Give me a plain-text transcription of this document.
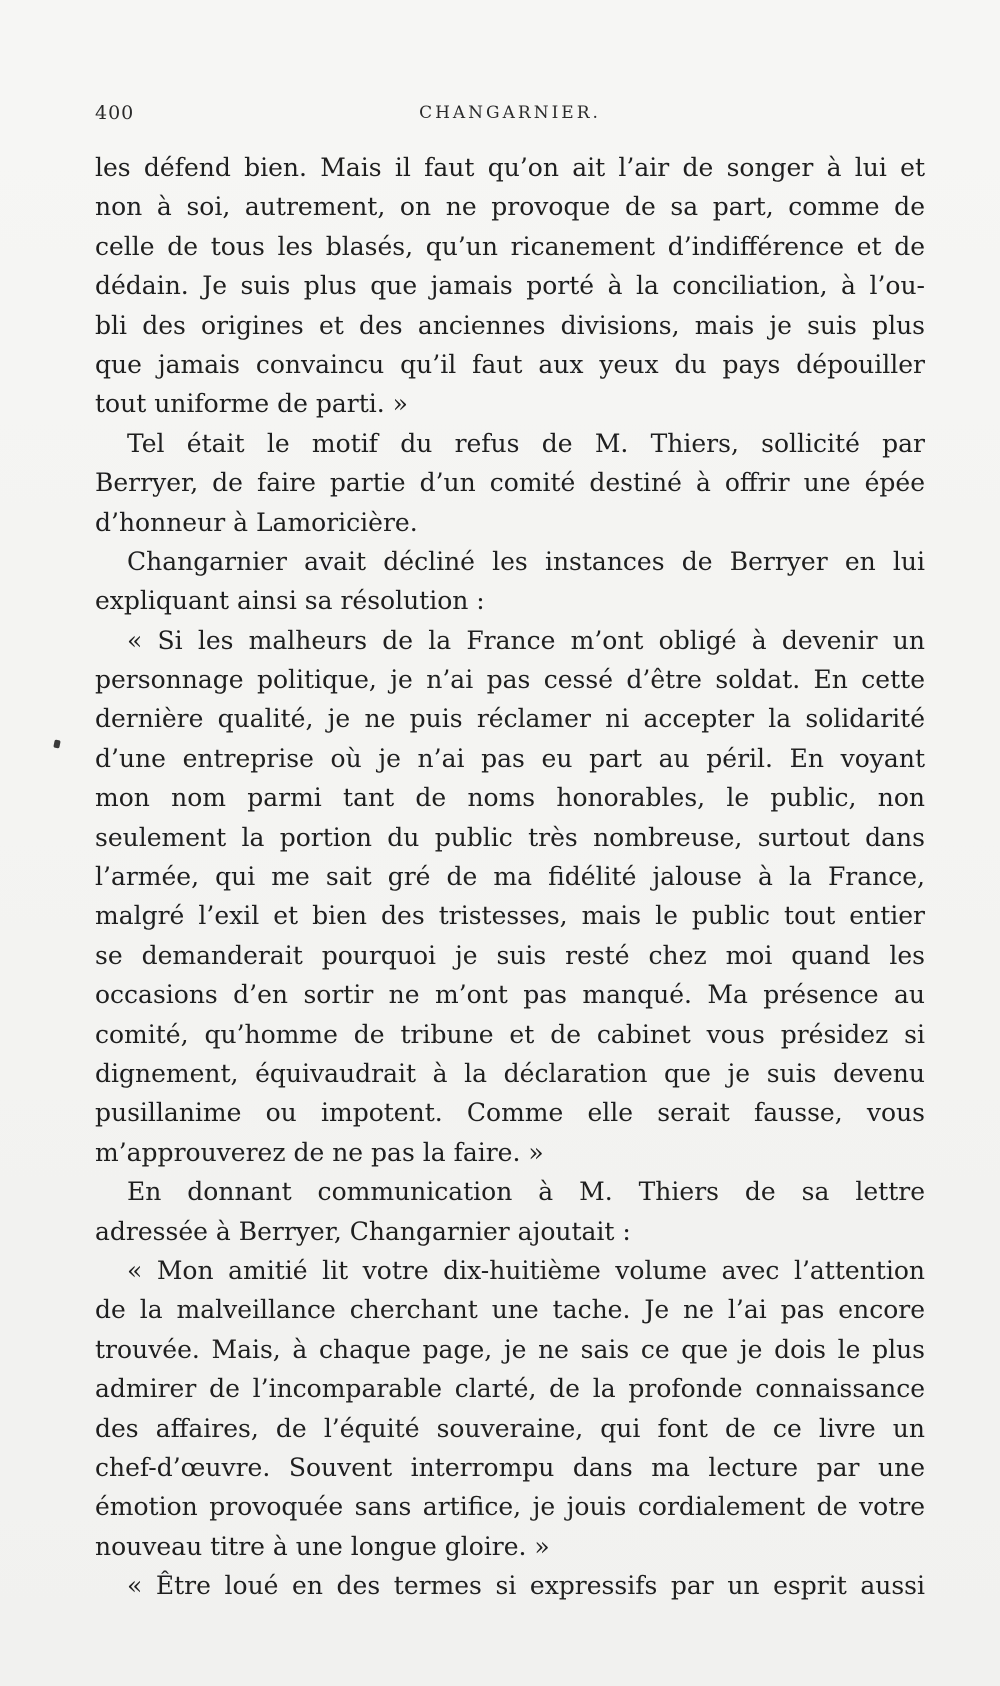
400	CHANGARNIER.
les défend bien. Mais il faut qu’on ait l’air de songer à lui et
non à soi, autrement, on ne provoque de sa part, comme de
celle de tous les blasés, qu’un ricanement d’indifférence et de
dédain. Je suis plus que jamais porté à la conciliation, à l’ou-
bli des origines et des anciennes divisions, mais je suis plus
que jamais convaincu qu’il faut aux yeux du pays dépouiller
tout uniforme de parti. »
Tel était le motif du refus de M. Thiers, sollicité par
Berryer, de faire partie d’un comité destiné à offrir une épée
d’honneur à Lamoricière.
Changarnier avait décliné les instances de Berryer en lui
expliquant ainsi sa résolution :
« Si les malheurs de la France m’ont obligé à devenir un
personnage politique, je n’ai pas cessé d’être soldat. En cette
dernière qualité, je ne puis réclamer ni accepter la solidarité
d’une entreprise où je n’ai pas eu part au péril. En voyant
mon nom parmi tant de noms honorables, le public, non
seulement la portion du public très nombreuse, surtout dans
l’armée, qui me sait gré de ma fidélité jalouse à la France,
malgré l’exil et bien des tristesses, mais le public tout entier
se demanderait pourquoi je suis resté chez moi quand les
occasions d’en sortir ne m’ont pas manqué. Ma présence au
comité, qu’homme de tribune et de cabinet vous présidez si
dignement, équivaudrait à la déclaration que je suis devenu
pusillanime ou impotent. Comme elle serait fausse, vous
m’approuverez de ne pas la faire. »
En donnant communication à M. Thiers de sa lettre
adressée à Berryer, Changarnier ajoutait :
« Mon amitié lit votre dix-huitième volume avec l’attention
de la malveillance cherchant une tache. Je ne l’ai pas encore
trouvée. Mais, à chaque page, je ne sais ce que je dois le plus
admirer de l’incomparable clarté, de la profonde connaissance
des affaires, de l’équité souveraine, qui font de ce livre un
chef-d’œuvre. Souvent interrompu dans ma lecture par une
émotion provoquée sans artifice, je jouis cordialement de votre
nouveau titre à une longue gloire. »
« Être loué en des termes si expressifs par un esprit aussi
